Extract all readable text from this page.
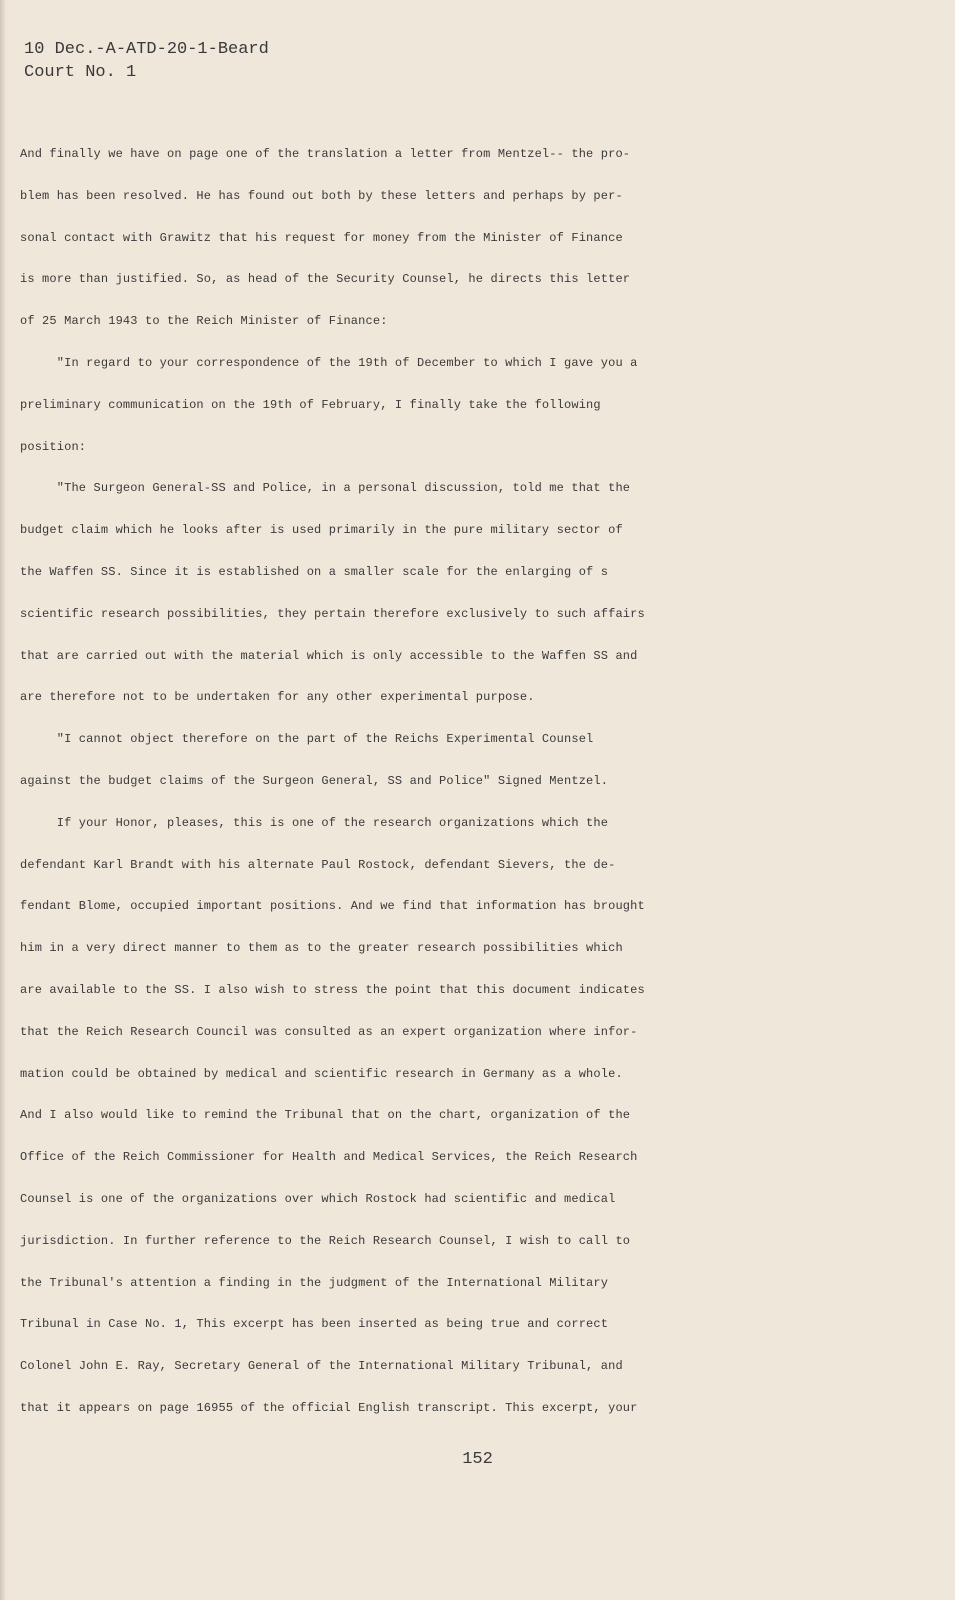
10 Dec.-A-ATD-20-1-Beard
Court No. 1
And finally we have on page one of the translation a letter from Mentzel-- the pro-
blem has been resolved. He has found out both by these letters and perhaps by per-
sonal contact with Grawitz that his request for money from the Minister of Finance
is more than justified. So, as head of the Security Counsel, he directs this letter
of 25 March 1943 to the Reich Minister of Finance:
"In regard to your correspondence of the 19th of December to which I gave you a
preliminary communication on the 19th of February, I finally take the following
position:
"The Surgeon General-SS and Police, in a personal discussion, told me that the
budget claim which he looks after is used primarily in the pure military sector of
the Waffen SS. Since it is established on a smaller scale for the enlarging of s
scientific research possibilities, they pertain therefore exclusively to such affairs
that are carried out with the material which is only accessible to the Waffen SS and
are therefore not to be undertaken for any other experimental purpose.
"I cannot object therefore on the part of the Reichs Experimental Counsel
against the budget claims of the Surgeon General, SS and Police" Signed Mentzel.
If your Honor, pleases, this is one of the research organizations which the
defendant Karl Brandt with his alternate Paul Rostock, defendant Sievers, the de-
fendant Blome, occupied important positions. And we find that information has brought
him in a very direct manner to them as to the greater research possibilities which
are available to the SS. I also wish to stress the point that this document indicates
that the Reich Research Council was consulted as an expert organization where infor-
mation could be obtained by medical and scientific research in Germany as a whole.
And I also would like to remind the Tribunal that on the chart, organization of the
Office of the Reich Commissioner for Health and Medical Services, the Reich Research
Counsel is one of the organizations over which Rostock had scientific and medical
jurisdiction. In further reference to the Reich Research Counsel, I wish to call to
the Tribunal's attention a finding in the judgment of the International Military
Tribunal in Case No. 1, This excerpt has been inserted as being true and correct
Colonel John E. Ray, Secretary General of the International Military Tribunal, and
that it appears on page 16955 of the official English transcript. This excerpt, your
152
